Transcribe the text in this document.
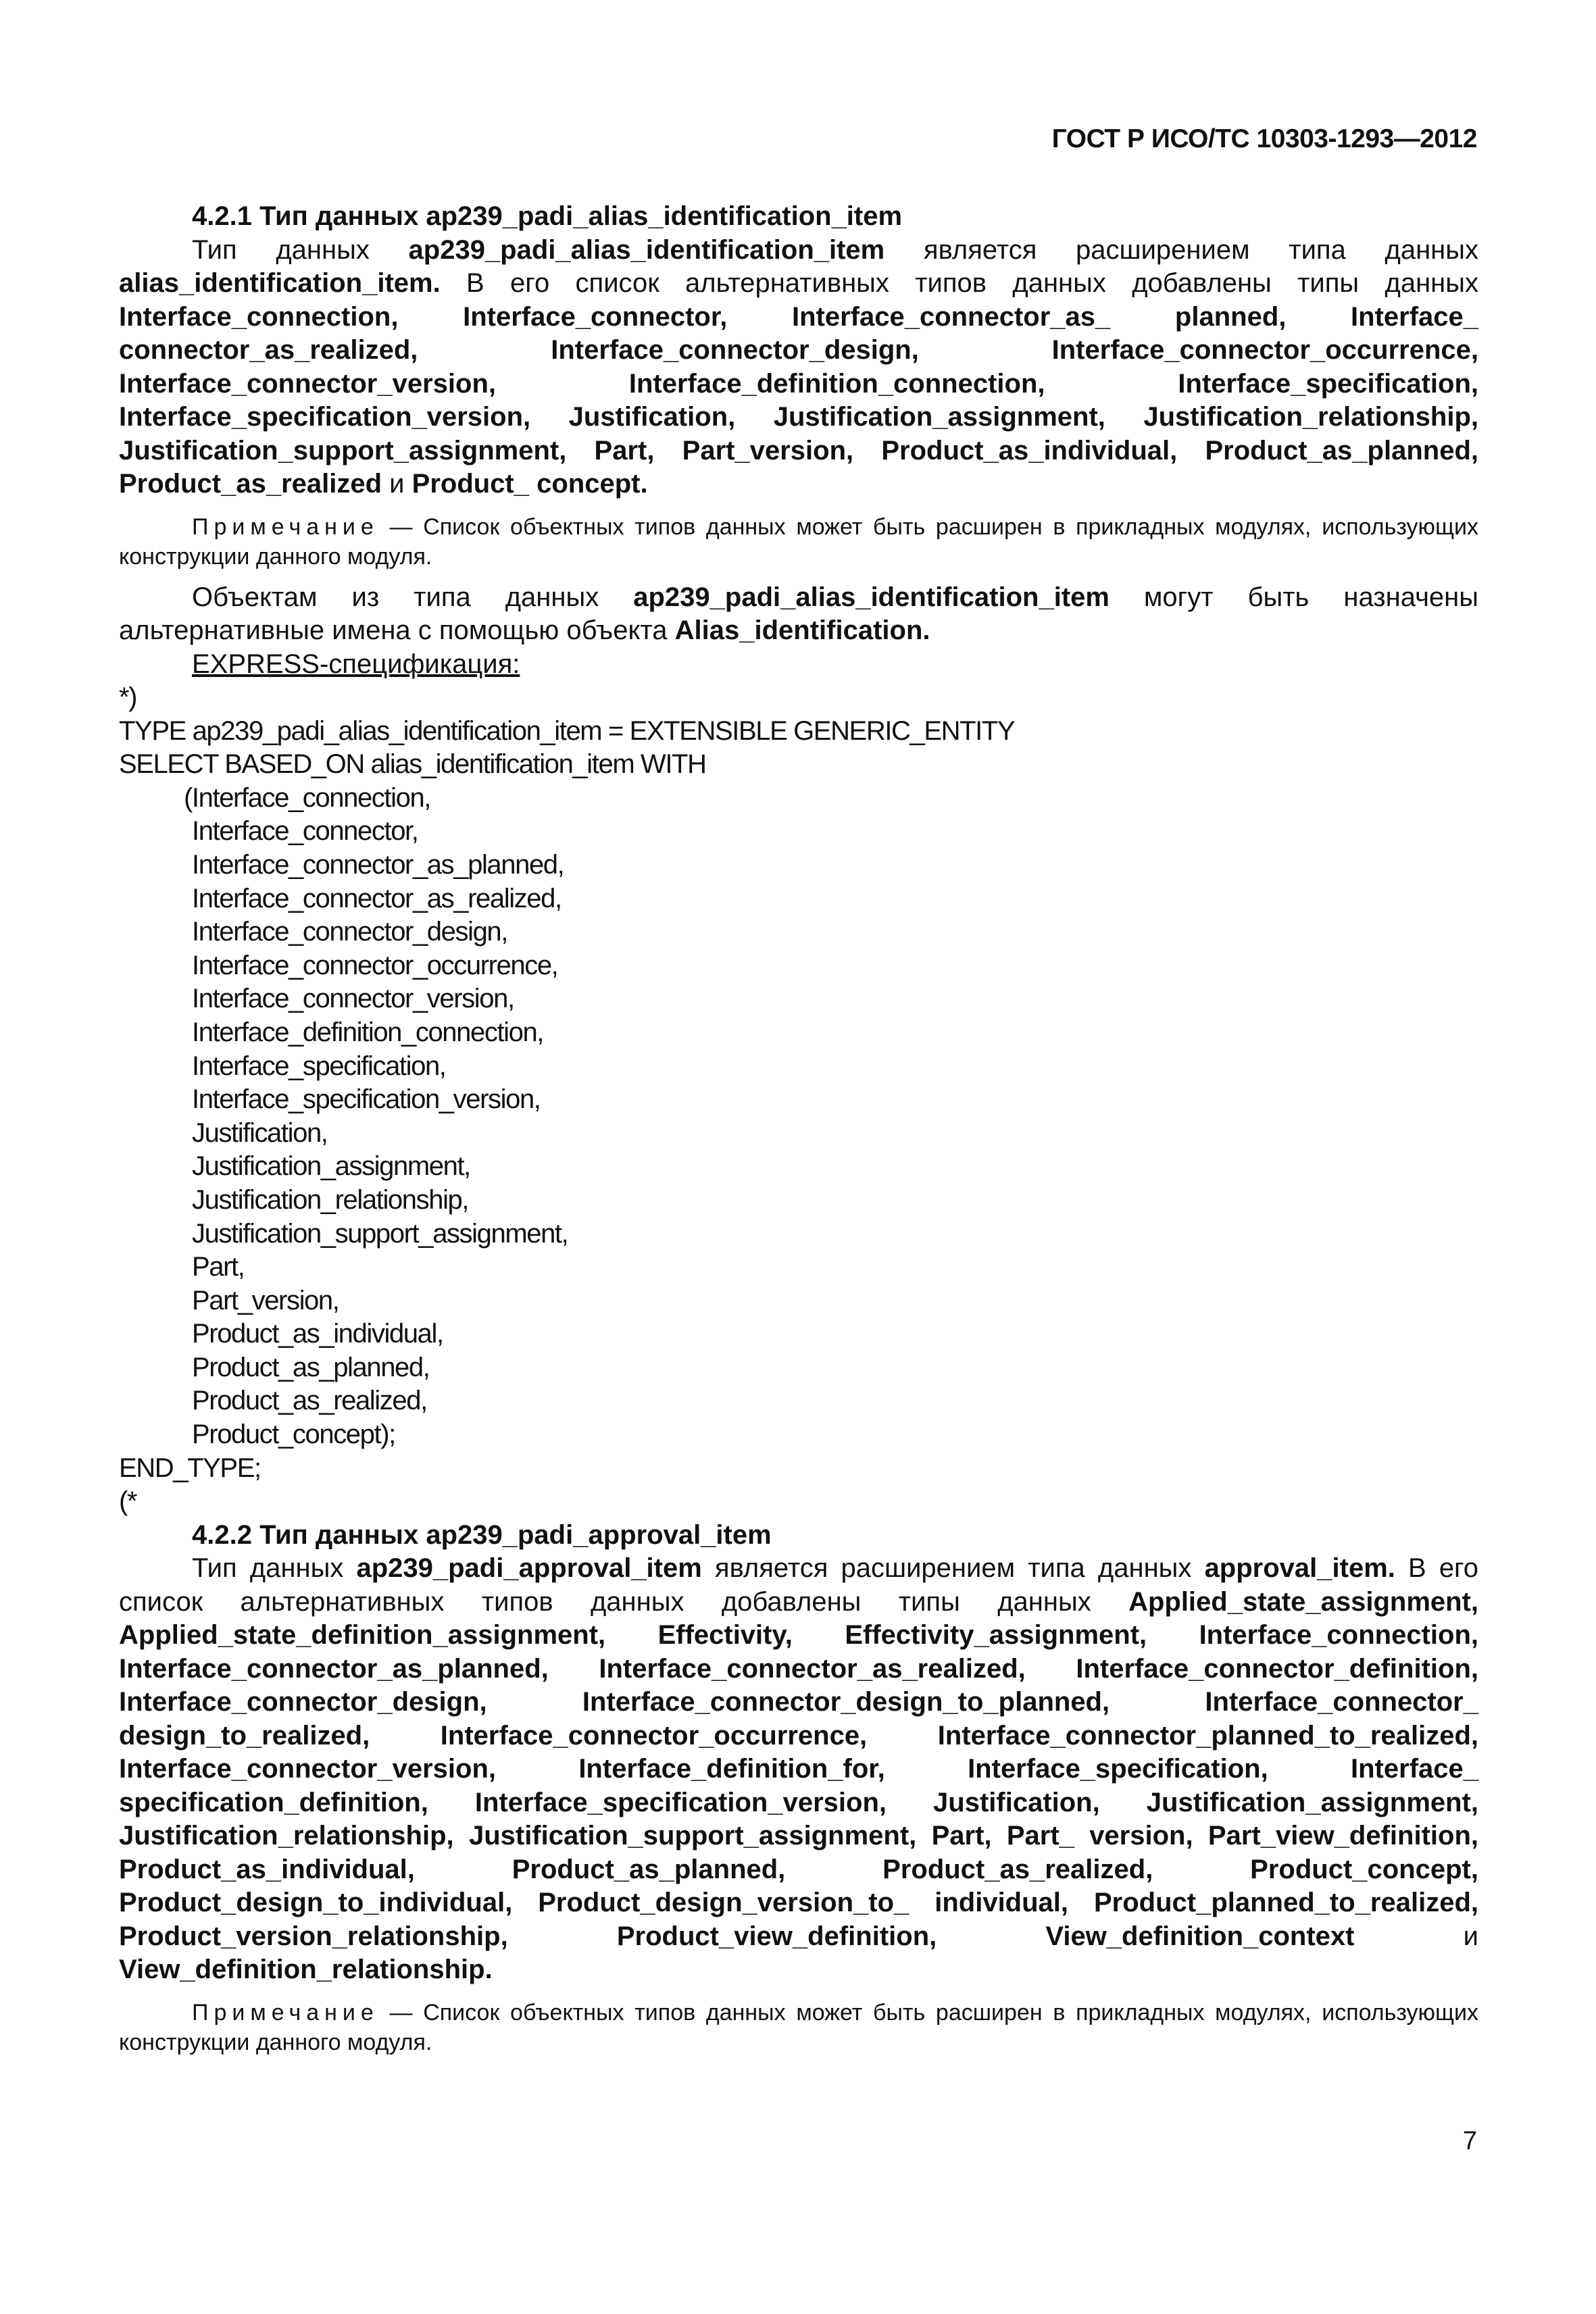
ГОСТ Р ИСО/ТС 10303-1293—2012
4.2.1 Тип данных ap239_padi_alias_identification_item
Тип данных ap239_padi_alias_identification_item является расширением типа данных alias_identification_item. В его список альтернативных типов данных добавлены типы данных Interface_connection, Interface_connector, Interface_connector_as_ planned, Interface_ connector_as_realized, Interface_connector_design, Interface_connector_occurrence, Interface_connector_version, Interface_definition_connection, Interface_specification, Interface_specification_version, Justification, Justification_assignment, Justification_relationship, Justification_support_assignment, Part, Part_version, Product_as_individual, Product_as_planned, Product_as_realized и Product_ concept.
Примечание — Список объектных типов данных может быть расширен в прикладных модулях, использующих конструкции данного модуля.
Объектам из типа данных ap239_padi_alias_identification_item могут быть назначены альтернативные имена с помощью объекта Alias_identification.
EXPRESS-спецификация:
*)
TYPE ap239_padi_alias_identification_item = EXTENSIBLE GENERIC_ENTITY
SELECT BASED_ON alias_identification_item WITH
(Interface_connection,
Interface_connector,
Interface_connector_as_planned,
Interface_connector_as_realized,
Interface_connector_design,
Interface_connector_occurrence,
Interface_connector_version,
Interface_definition_connection,
Interface_specification,
Interface_specification_version,
Justification,
Justification_assignment,
Justification_relationship,
Justification_support_assignment,
Part,
Part_version,
Product_as_individual,
Product_as_planned,
Product_as_realized,
Product_concept);
END_TYPE;
(*
4.2.2 Тип данных ap239_padi_approval_item
Тип данных ap239_padi_approval_item является расширением типа данных approval_item. В его список альтернативных типов данных добавлены типы данных Applied_state_assignment, Applied_state_definition_assignment, Effectivity, Effectivity_assignment, Interface_connection, Interface_connector_as_planned, Interface_connector_as_realized, Interface_connector_definition, Interface_connector_design, Interface_connector_design_to_planned, Interface_connector_ design_to_realized, Interface_connector_occurrence, Interface_connector_planned_to_realized, Interface_connector_version, Interface_definition_for, Interface_specification, Interface_ specification_definition, Interface_specification_version, Justification, Justification_assignment, Justification_relationship, Justification_support_assignment, Part, Part_ version, Part_view_definition, Product_as_individual, Product_as_planned, Product_as_realized, Product_concept, Product_design_to_individual, Product_design_version_to_ individual, Product_planned_to_realized, Product_version_relationship, Product_view_definition, View_definition_context и View_definition_relationship.
Примечание — Список объектных типов данных может быть расширен в прикладных модулях, использующих конструкции данного модуля.
7
